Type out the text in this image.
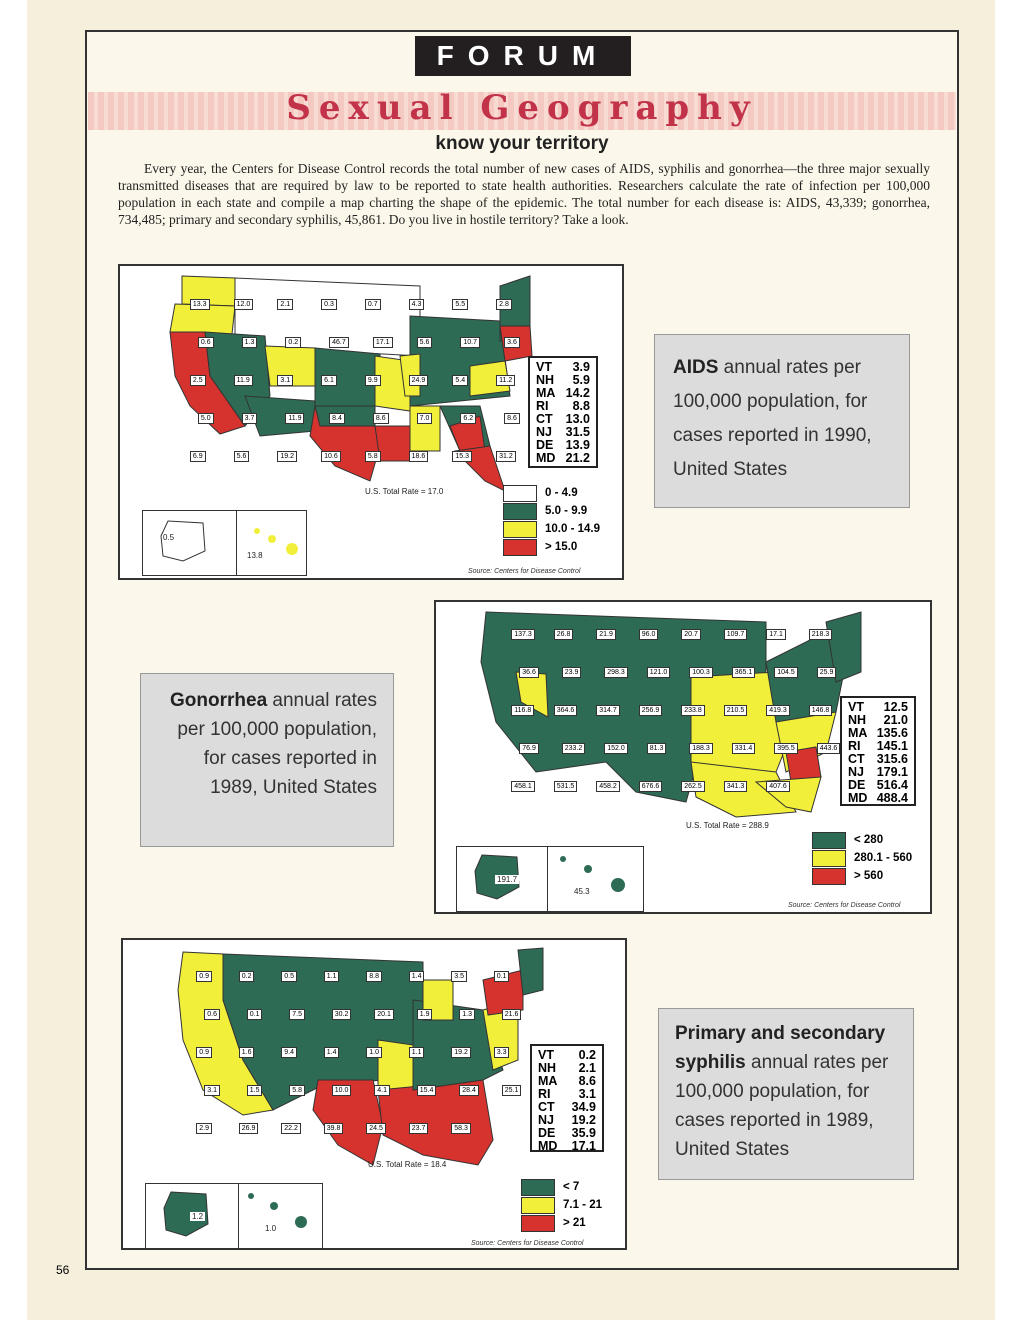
FORUM
Sexual Geography
know your territory
Every year, the Centers for Disease Control records the total number of new cases of AIDS, syphilis and gonorrhea—the three major sexually transmitted diseases that are required by law to be reported to state health authorities. Researchers calculate the rate of infection per 100,000 population in each state and compile a map charting the shape of the epidemic. The total number for each disease is: AIDS, 43,339; gonorrhea, 734,485; primary and secondary syphilis, 45,861. Do you live in hostile territory? Take a look.
U.S. Total Rate = 17.0
Source: Centers for Disease Control
0.5
13.8
13.3	12.0	2.1	0.3	0.7	4.3	5.5	2.8
0.6	1.3	0.2	46.7	17.1	5.6	10.7	3.6
2.5	11.9	3.1	6.1	9.9	24.9	5.4	11.2
5.0	3.7	11.9	8.4	8.6	7.0	6.2	8.6
6.9	5.6	19.2	10.6	5.8	18.6	15.3	31.2
VT 3.9
NH 5.9
MA 14.2
RI 8.8
CT 13.0
NJ 31.5
DE 13.9
MD 21.2
0 - 4.9
5.0 - 9.9
10.0 - 14.9
> 15.0
AIDS annual rates per 100,000 population, for cases reported in 1990, United States
U.S. Total Rate = 288.9
Source: Centers for Disease Control
191.7
45.3
137.3	26.8	21.9	96.0	20.7	109.7	17.1	218.3
36.6	23.9	298.3	121.0	100.3	365.1	104.5	25.9
116.8	364.6	314.7	256.9	233.8	210.5	419.3	146.8
76.9	233.2	152.0	81.3	188.3	331.4	395.5	443.6
458.1	531.5	458.2	676.6	262.5	341.3	407.6
VT 12.5
NH 21.0
MA 135.6
RI 145.1
CT 315.6
NJ 179.1
DE 516.4
MD 488.4
< 280
280.1 - 560
> 560
Gonorrhea annual rates per 100,000 population, for cases reported in 1989, United States
U.S. Total Rate = 18.4
Source: Centers for Disease Control
1.2
1.0
0.9	0.2	0.5	1.1	8.8	1.4	3.5	0.1
0.6	0.1	7.5	30.2	20.1	1.9	1.3	21.6
0.9	1.6	9.4	1.4	1.0	1.1	19.2	3.3
3.1	1.5	5.8	10.0	4.1	15.4	28.4	25.1
2.9	26.9	22.2	39.8	24.5	23.7	58.3
VT 0.2
NH 2.1
MA 8.6
RI 3.1
CT 34.9
NJ 19.2
DE 35.9
MD 17.1
< 7
7.1 - 21
> 21
Primary and secondary syphilis annual rates per 100,000 population, for cases reported in 1989, United States
56
